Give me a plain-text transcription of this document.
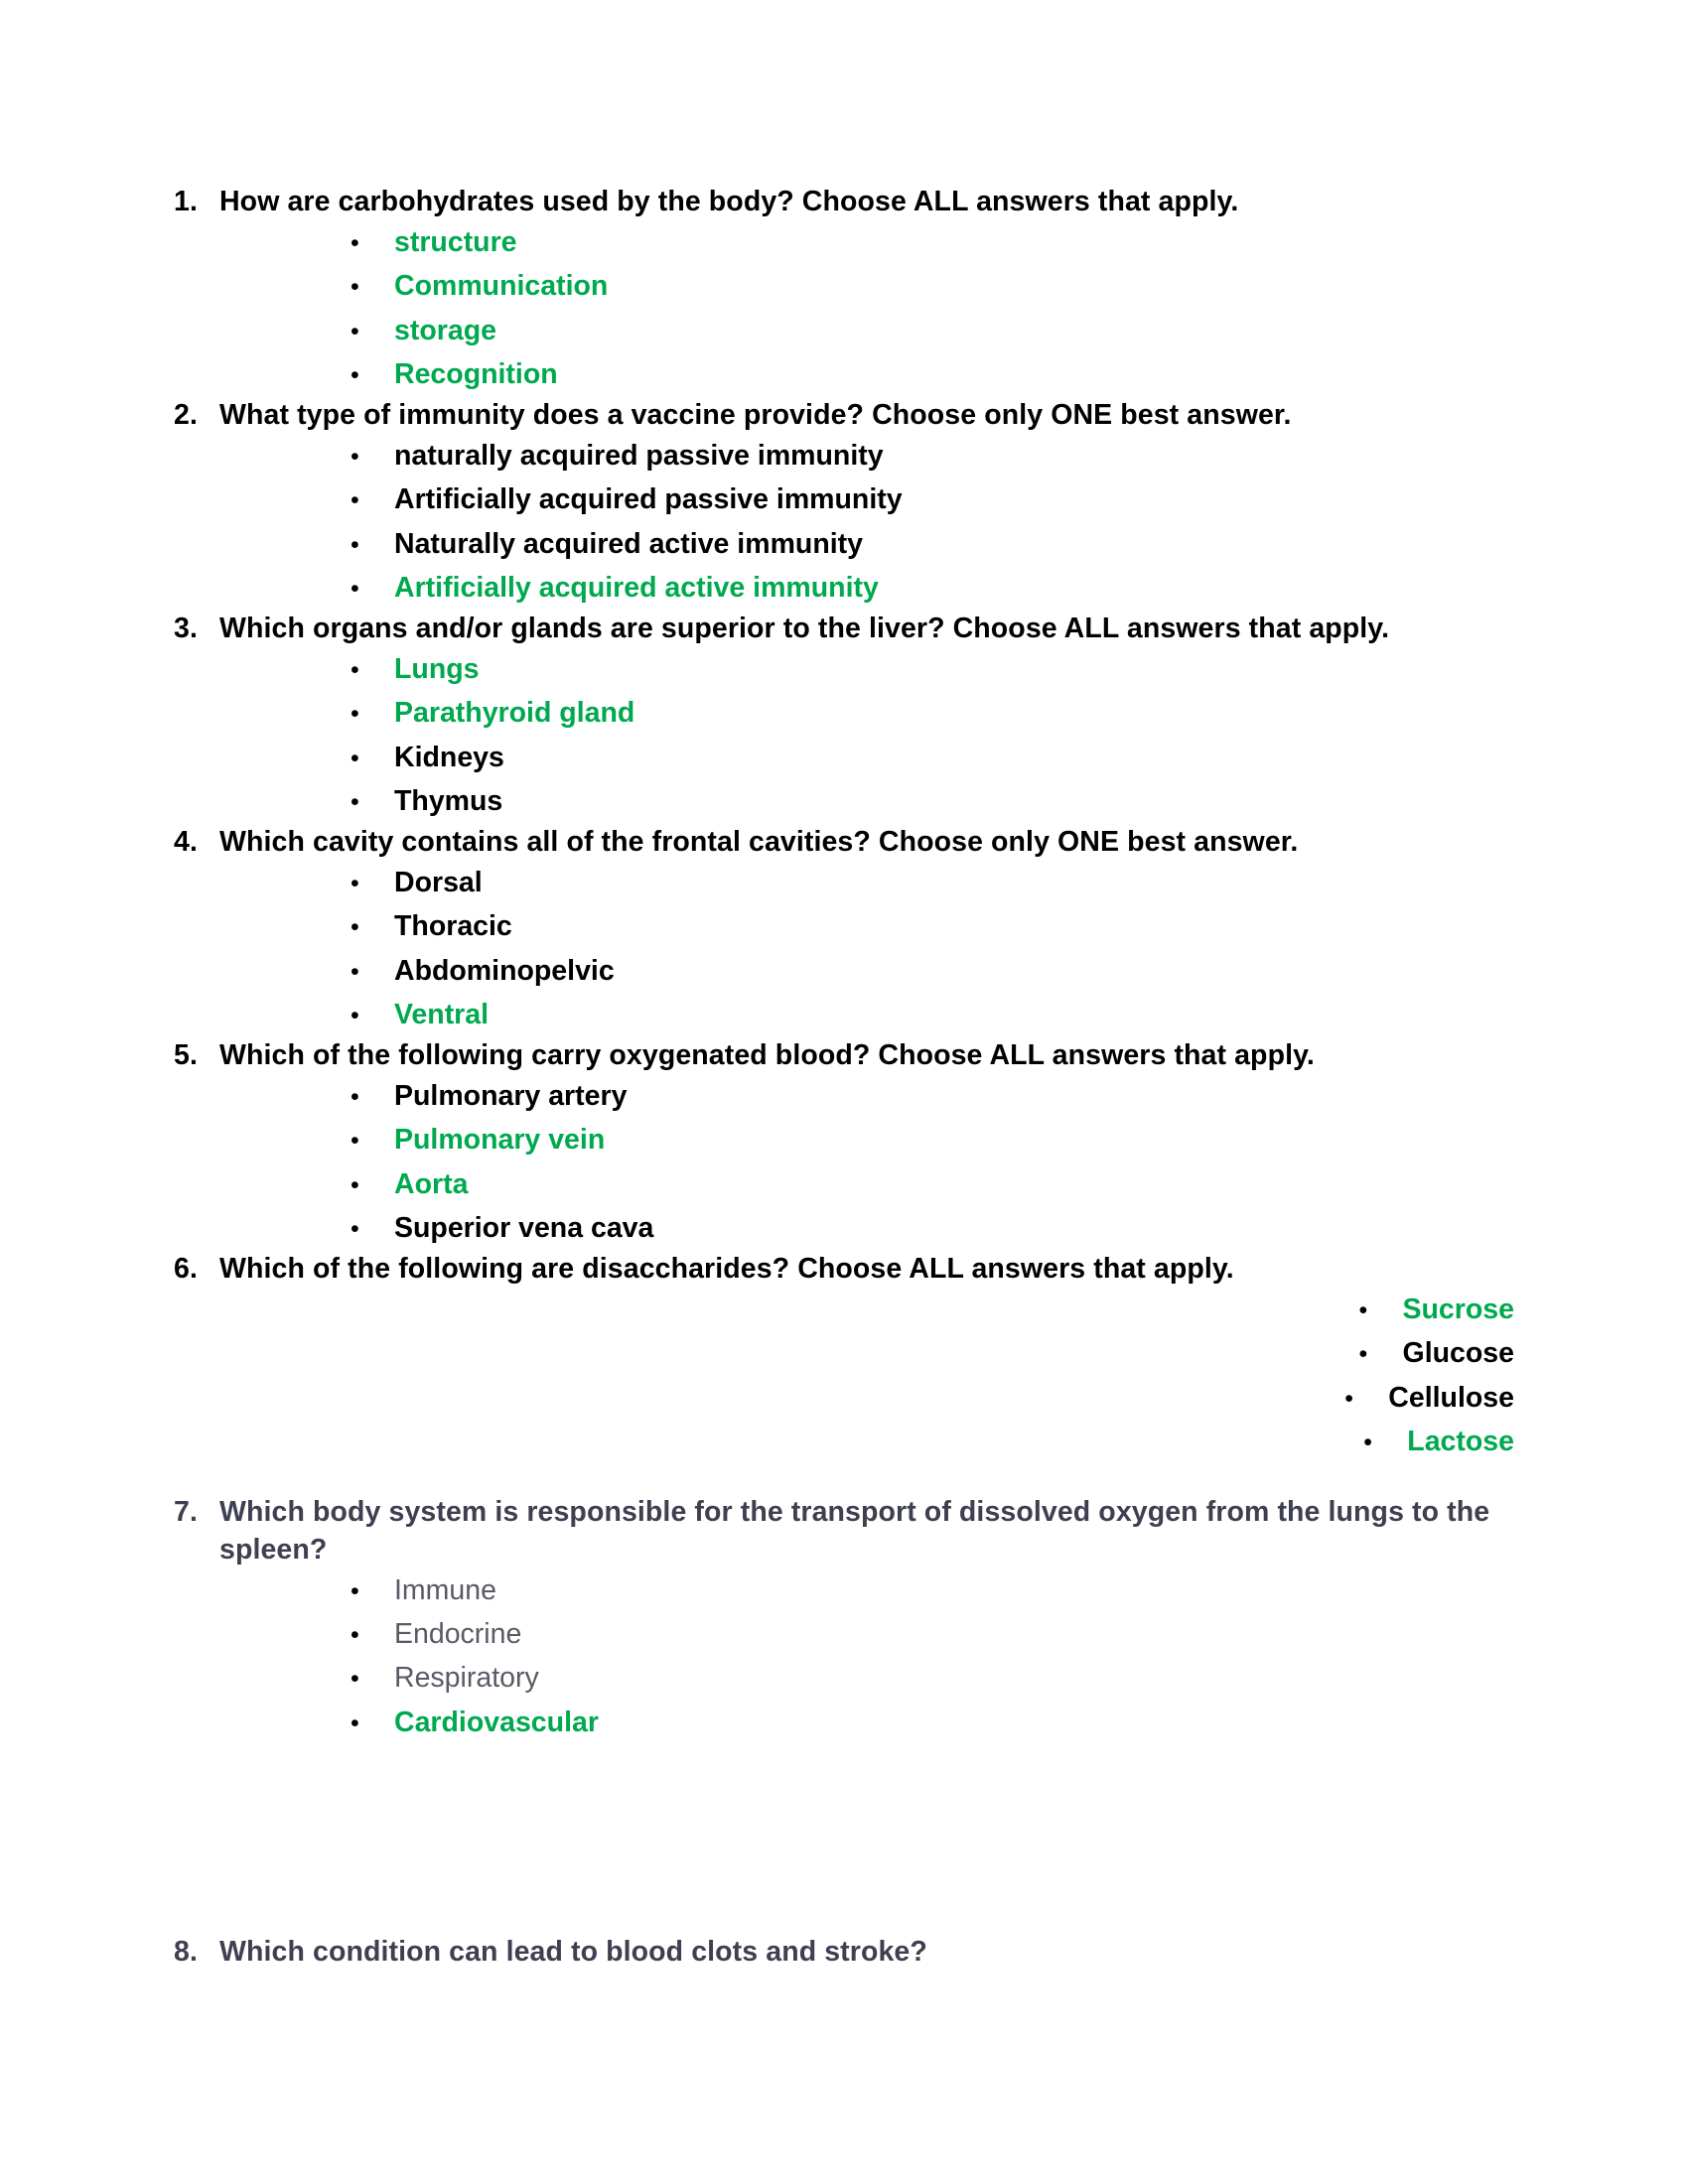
1. How are carbohydrates used by the body? Choose ALL answers that apply.
•	structure
•	Communication
•	storage
•	Recognition
2. What type of immunity does a vaccine provide? Choose only ONE best answer.
•	naturally acquired passive immunity
•	Artificially acquired passive immunity
•	Naturally acquired active immunity
•	Artificially acquired active immunity
3. Which organs and/or glands are superior to the liver? Choose ALL answers that apply.
•	Lungs
•	Parathyroid gland
•	Kidneys
•	Thymus
4. Which cavity contains all of the frontal cavities? Choose only ONE best answer.
•	Dorsal
•	Thoracic
•	Abdominopelvic
•	Ventral
5. Which of the following carry oxygenated blood? Choose ALL answers that apply.
•	Pulmonary artery
•	Pulmonary vein
•	Aorta
•	Superior vena cava
6. Which of the following are disaccharides? Choose ALL answers that apply.
•	Sucrose
•	Glucose
•	Cellulose
•	Lactose
7. Which body system is responsible for the transport of dissolved oxygen from the lungs to the spleen?
•	Immune
•	Endocrine
•	Respiratory
•	Cardiovascular
8. Which condition can lead to blood clots and stroke?
